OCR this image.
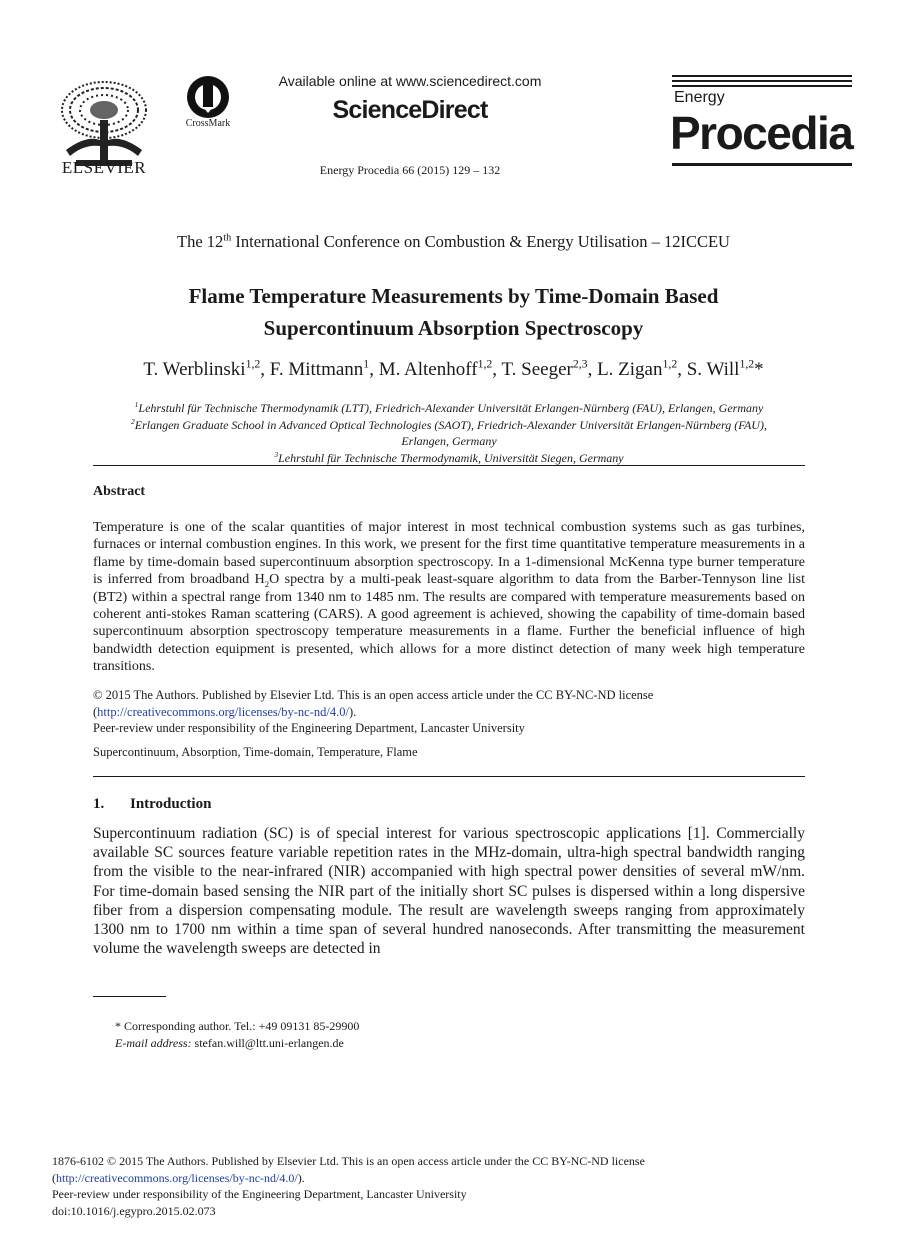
ELSEVIER
CrossMark
Available online at www.sciencedirect.com
ScienceDirect
Energy Procedia 66 (2015) 129 – 132
Energy
Procedia
The 12th International Conference on Combustion & Energy Utilisation – 12ICCEU
Flame Temperature Measurements by Time-Domain Based
Supercontinuum Absorption Spectroscopy
T. Werblinski$^{1,2}$, F. Mittmann$^1$, M. Altenhoff$^{1,2}$, T. Seeger$^{2,3}$, L. Zigan$^{1,2}$, S. Will$^{1,2}$*
$^1$Lehrstuhl für Technische Thermodynamik (LTT), Friedrich-Alexander Universität Erlangen-Nürnberg (FAU), Erlangen, Germany
$^2$Erlangen Graduate School in Advanced Optical Technologies (SAOT), Friedrich-Alexander Universität Erlangen-Nürnberg (FAU), Erlangen, Germany
$^3$Lehrstuhl für Technische Thermodynamik, Universität Siegen, Germany
Abstract
Temperature is one of the scalar quantities of major interest in most technical combustion systems such as gas turbines, furnaces or internal combustion engines. In this work, we present for the first time quantitative temperature measurements in a flame by time-domain based supercontinuum absorption spectroscopy. In a 1-dimensional McKenna type burner temperature is inferred from broadband $H_2O$ spectra by a multi-peak least-square algorithm to data from the Barber-Tennyson line list (BT2) within a spectral range from 1340 nm to 1485 nm. The results are compared with temperature measurements based on coherent anti-stokes Raman scattering (CARS). A good agreement is achieved, showing the capability of time-domain based supercontinuum absorption spectroscopy temperature measurements in a flame. Further the beneficial influence of high bandwidth detection equipment is presented, which allows for a more distinct detection of many week high temperature transitions.
© 2015 The Authors. Published by Elsevier Ltd. This is an open access article under the CC BY-NC-ND license
(http://creativecommons.org/licenses/by-nc-nd/4.0/).
Peer-review under responsibility of the Engineering Department, Lancaster University
Supercontinuum, Absorption, Time-domain, Temperature, Flame
1. Introduction
Supercontinuum radiation (SC) is of special interest for various spectroscopic applications [1]. Commercially available SC sources feature variable repetition rates in the MHz-domain, ultra-high spectral bandwidth ranging from the visible to the near-infrared (NIR) accompanied with high spectral power densities of several mW/nm. For time-domain based sensing the NIR part of the initially short SC pulses is dispersed within a long dispersive fiber from a dispersion compensating module. The result are wavelength sweeps ranging from approximately 1300 nm to 1700 nm within a time span of several hundred nanoseconds. After transmitting the measurement volume the wavelength sweeps are detected in
* Corresponding author. Tel.: +49 09131 85-29900
E-mail address: stefan.will@ltt.uni-erlangen.de
1876-6102 © 2015 The Authors. Published by Elsevier Ltd. This is an open access article under the CC BY-NC-ND license
(http://creativecommons.org/licenses/by-nc-nd/4.0/).
Peer-review under responsibility of the Engineering Department, Lancaster University
doi:10.1016/j.egypro.2015.02.073
